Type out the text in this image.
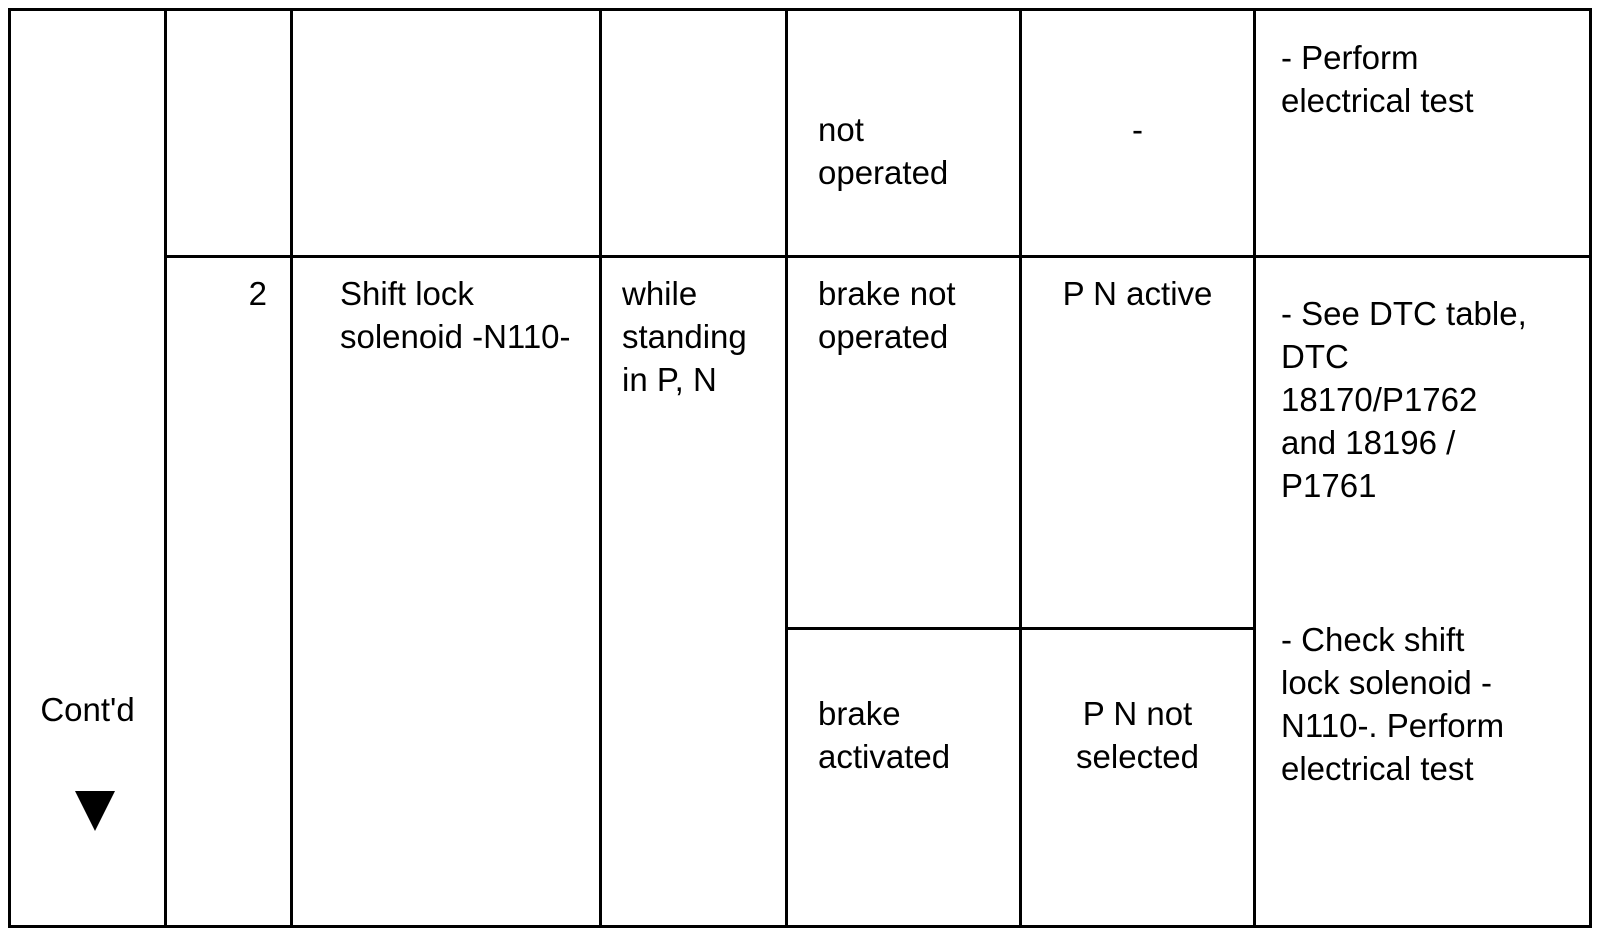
not
operated
-
- Perform
electrical test
2 Shift lock
solenoid -N110-
while
standing
in P, N
brake not
operated
P N active
- See DTC table,
DTC
18170/P1762
and 18196 /
P1761
brake
activated
P N not
selected
- Check shift
lock solenoid -
N110-. Perform
electrical test
Cont'd
